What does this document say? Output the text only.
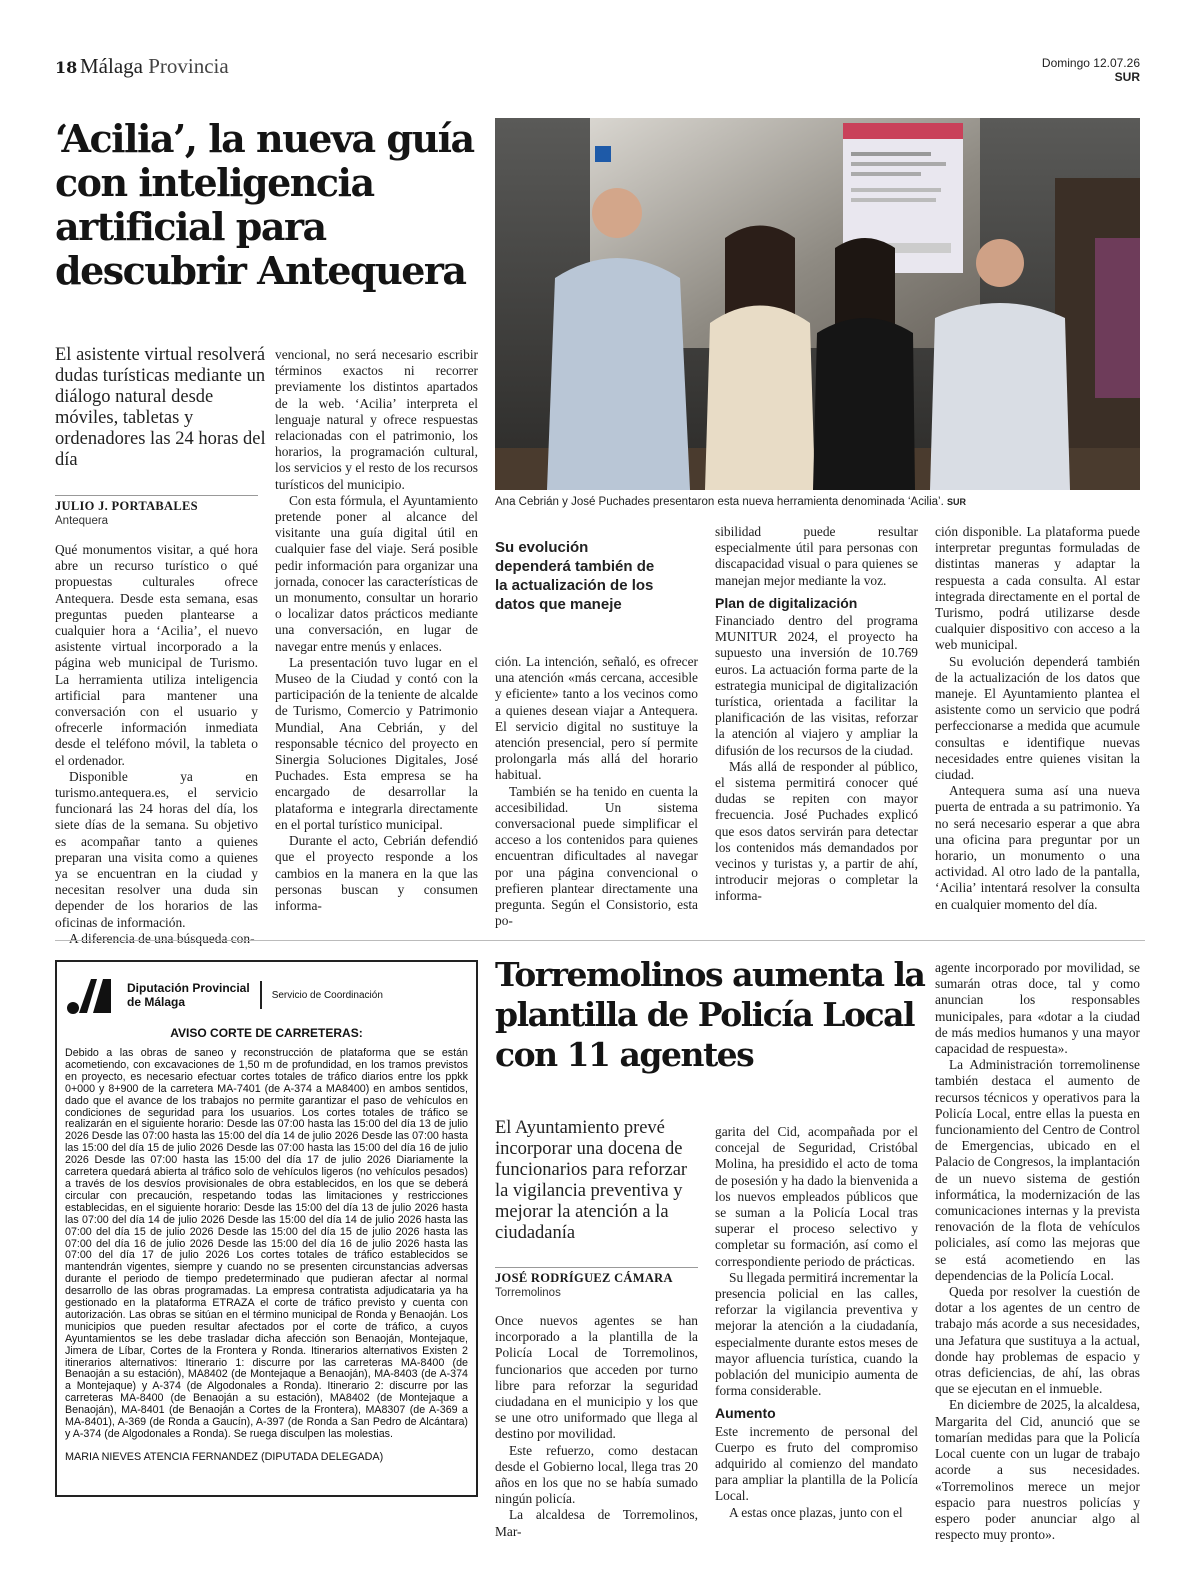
18 Málaga Provincia	Domingo 12.07.26
SUR
‘Acilia’, la nueva guía con inteligencia artificial para descubrir Antequera
El asistente virtual resolverá dudas turísticas mediante un diálogo natural desde móviles, tabletas y ordenadores las 24 horas del día
JULIO J. PORTABALES
Antequera
Ana Cebrián y José Puchades presentaron esta nueva herramienta denominada ‘Acilia’. SUR

Qué monumentos visitar, a qué hora abre un recurso turístico o qué propuestas culturales ofrece Antequera. Desde esta semana, esas preguntas pueden plantearse a cualquier hora a ‘Acilia’, el nuevo asistente virtual incorporado a la página web municipal de Turismo. La herramienta utiliza inteligencia artificial para mantener una conversación con el usuario y ofrecerle información inmediata desde el teléfono móvil, la tableta o el ordenador.

Disponible ya en turismo.antequera.es, el servicio funcionará las 24 horas del día, los siete días de la semana. Su objetivo es acompañar tanto a quienes preparan una visita como a quienes ya se encuentran en la ciudad y necesitan resolver una duda sin depender de los horarios de las oficinas de información.

A diferencia de una búsqueda con-

vencional, no será necesario escribir términos exactos ni recorrer previamente los distintos apartados de la web. ‘Acilia’ interpreta el lenguaje natural y ofrece respuestas relacionadas con el patrimonio, los horarios, la programación cultural, los servicios y el resto de los recursos turísticos del municipio.

Con esta fórmula, el Ayuntamiento pretende poner al alcance del visitante una guía digital útil en cualquier fase del viaje. Será posible pedir información para organizar una jornada, conocer las características de un monumento, consultar un horario o localizar datos prácticos mediante una conversación, en lugar de navegar entre menús y enlaces.

La presentación tuvo lugar en el Museo de la Ciudad y contó con la participación de la teniente de alcalde de Turismo, Comercio y Patrimonio Mundial, Ana Cebrián, y del responsable técnico del proyecto en Sinergia Soluciones Digitales, José Puchades. Esta empresa se ha encargado de desarrollar la plataforma e integrarla directamente en el portal turístico municipal.

Durante el acto, Cebrián defendió que el proyecto responde a los cambios en la manera en la que las personas buscan y consumen informa-

Su evolución dependerá también de la actualización de los datos que maneje

ción. La intención, señaló, es ofrecer una atención «más cercana, accesible y eficiente» tanto a los vecinos como a quienes desean viajar a Antequera. El servicio digital no sustituye la atención presencial, pero sí permite prolongarla más allá del horario habitual.

También se ha tenido en cuenta la accesibilidad. Un sistema conversacional puede simplificar el acceso a los contenidos para quienes encuentran dificultades al navegar por una página convencional o prefieren plantear directamente una pregunta. Según el Consistorio, esta po-

sibilidad puede resultar especialmente útil para personas con discapacidad visual o para quienes se manejan mejor mediante la voz.

Plan de digitalización

Financiado dentro del programa MUNITUR 2024, el proyecto ha supuesto una inversión de 10.769 euros. La actuación forma parte de la estrategia municipal de digitalización turística, orientada a facilitar la planificación de las visitas, reforzar la atención al viajero y ampliar la difusión de los recursos de la ciudad.

Más allá de responder al público, el sistema permitirá conocer qué dudas se repiten con mayor frecuencia. José Puchades explicó que esos datos servirán para detectar los contenidos más demandados por vecinos y turistas y, a partir de ahí, introducir mejoras o completar la informa-

ción disponible. La plataforma puede interpretar preguntas formuladas de distintas maneras y adaptar la respuesta a cada consulta. Al estar integrada directamente en el portal de Turismo, podrá utilizarse desde cualquier dispositivo con acceso a la web municipal.

Su evolución dependerá también de la actualización de los datos que maneje. El Ayuntamiento plantea el asistente como un servicio que podrá perfeccionarse a medida que acumule consultas e identifique nuevas necesidades entre quienes visitan la ciudad.

Antequera suma así una nueva puerta de entrada a su patrimonio. Ya no será necesario esperar a que abra una oficina para preguntar por un horario, un monumento o una actividad. Al otro lado de la pantalla, ‘Acilia’ intentará resolver la consulta en cualquier momento del día.

Diputación Provincial
de Málaga	Servicio de Coordinación
AVISO CORTE DE CARRETERAS:
Debido a las obras de saneo y reconstrucción de plataforma que se están acometiendo, con excavaciones de 1,50 m de profundidad, en los tramos previstos en proyecto, es necesario efectuar cortes totales de tráfico diarios entre los ppkk 0+000 y 8+900 de la carretera MA-7401 (de A-374 a MA8400) en ambos sentidos, dado que el avance de los trabajos no permite garantizar el paso de vehículos en condiciones de seguridad para los usuarios. Los cortes totales de tráfico se realizarán en el siguiente horario: Desde las 07:00 hasta las 15:00 del día 13 de julio 2026 Desde las 07:00 hasta las 15:00 del día 14 de julio 2026 Desde las 07:00 hasta las 15:00 del día 15 de julio 2026 Desde las 07:00 hasta las 15:00 del día 16 de julio 2026 Desde las 07:00 hasta las 15:00 del día 17 de julio 2026 Diariamente la carretera quedará abierta al tráfico solo de vehículos ligeros (no vehículos pesados) a través de los desvíos provisionales de obra establecidos, en los que se deberá circular con precaución, respetando todas las limitaciones y restricciones establecidas, en el siguiente horario: Desde las 15:00 del día 13 de julio 2026 hasta las 07:00 del día 14 de julio 2026 Desde las 15:00 del día 14 de julio 2026 hasta las 07:00 del día 15 de julio 2026 Desde las 15:00 del día 15 de julio 2026 hasta las 07:00 del día 16 de julio 2026 Desde las 15:00 del día 16 de julio 2026 hasta las 07:00 del día 17 de julio 2026 Los cortes totales de tráfico establecidos se mantendrán vigentes, siempre y cuando no se presenten circunstancias adversas durante el periodo de tiempo predeterminado que pudieran afectar al normal desarrollo de las obras programadas. La empresa contratista adjudicataria ya ha gestionado en la plataforma ETRAZA el corte de tráfico previsto y cuenta con autorización. Las obras se sitúan en el término municipal de Ronda y Benaoján. Los municipios que pueden resultar afectados por el corte de tráfico, a cuyos Ayuntamientos se les debe trasladar dicha afección son Benaoján, Montejaque, Jimera de Líbar, Cortes de la Frontera y Ronda. Itinerarios alternativos Existen 2 itinerarios alternativos: Itinerario 1: discurre por las carreteras MA-8400 (de Benaoján a su estación), MA8402 (de Montejaque a Benaoján), MA-8403 (de A-374 a Montejaque) y A-374 (de Algodonales a Ronda). Itinerario 2: discurre por las carreteras MA-8400 (de Benaoján a su estación), MA8402 (de Montejaque a Benaoján), MA-8401 (de Benaoján a Cortes de la Frontera), MA8307 (de A-369 a MA-8401), A-369 (de Ronda a Gaucín), A-397 (de Ronda a San Pedro de Alcántara) y A-374 (de Algodonales a Ronda). Se ruega disculpen las molestias.
MARIA NIEVES ATENCIA FERNANDEZ (DIPUTADA DELEGADA)
Torremolinos aumenta la plantilla de Policía Local con 11 agentes
El Ayuntamiento prevé incorporar una docena de funcionarios para reforzar la vigilancia preventiva y mejorar la atención a la ciudadanía
JOSÉ RODRÍGUEZ CÁMARA
Torremolinos

Once nuevos agentes se han incorporado a la plantilla de la Policía Local de Torremolinos, funcionarios que acceden por turno libre para reforzar la seguridad ciudadana en el municipio y los que se une otro uniformado que llega al destino por movilidad.

Este refuerzo, como destacan desde el Gobierno local, llega tras 20 años en los que no se había sumado ningún policía.

La alcaldesa de Torremolinos, Mar-

garita del Cid, acompañada por el concejal de Seguridad, Cristóbal Molina, ha presidido el acto de toma de posesión y ha dado la bienvenida a los nuevos empleados públicos que se suman a la Policía Local tras superar el proceso selectivo y completar su formación, así como el correspondiente periodo de prácticas.

Su llegada permitirá incrementar la presencia policial en las calles, reforzar la vigilancia preventiva y mejorar la atención a la ciudadanía, especialmente durante estos meses de mayor afluencia turística, cuando la población del municipio aumenta de forma considerable.

Aumento

Este incremento de personal del Cuerpo es fruto del compromiso adquirido al comienzo del mandato para ampliar la plantilla de la Policía Local.

A estas once plazas, junto con el

agente incorporado por movilidad, se sumarán otras doce, tal y como anuncian los responsables municipales, para «dotar a la ciudad de más medios humanos y una mayor capacidad de respuesta».

La Administración torremolinense también destaca el aumento de recursos técnicos y operativos para la Policía Local, entre ellas la puesta en funcionamiento del Centro de Control de Emergencias, ubicado en el Palacio de Congresos, la implantación de un nuevo sistema de gestión informática, la modernización de las comunicaciones internas y la prevista renovación de la flota de vehículos policiales, así como las mejoras que se está acometiendo en las dependencias de la Policía Local.

Queda por resolver la cuestión de dotar a los agentes de un centro de trabajo más acorde a sus necesidades, una Jefatura que sustituya a la actual, donde hay problemas de espacio y otras deficiencias, de ahí, las obras que se ejecutan en el inmueble.

En diciembre de 2025, la alcaldesa, Margarita del Cid, anunció que se tomarían medidas para que la Policía Local cuente con un lugar de trabajo acorde a sus necesidades. «Torremolinos merece un mejor espacio para nuestros policías y espero poder anunciar algo al respecto muy pronto».
